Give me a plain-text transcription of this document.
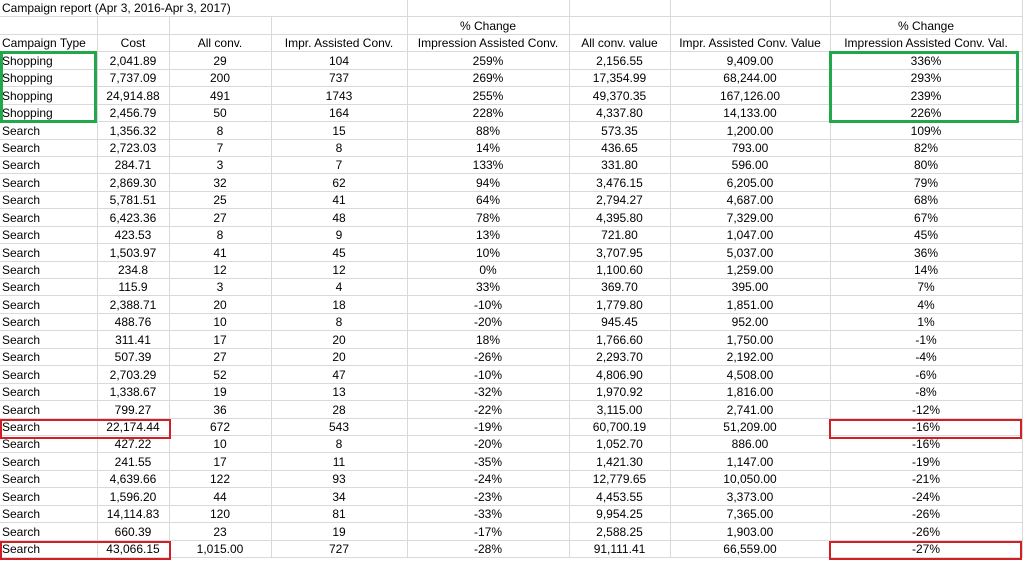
Campaign report (Apr 3, 2016-Apr 3, 2017)							
				% Change			% Change
Campaign Type	Cost	All conv.	Impr. Assisted Conv.	Impression Assisted Conv.	All conv. value	Impr. Assisted Conv. Value	Impression Assisted Conv. Val.
Shopping	2,041.89	29	104	259%	2,156.55	9,409.00	336%
Shopping	7,737.09	200	737	269%	17,354.99	68,244.00	293%
Shopping	24,914.88	491	1743	255%	49,370.35	167,126.00	239%
Shopping	2,456.79	50	164	228%	4,337.80	14,133.00	226%
Search	1,356.32	8	15	88%	573.35	1,200.00	109%
Search	2,723.03	7	8	14%	436.65	793.00	82%
Search	284.71	3	7	133%	331.80	596.00	80%
Search	2,869.30	32	62	94%	3,476.15	6,205.00	79%
Search	5,781.51	25	41	64%	2,794.27	4,687.00	68%
Search	6,423.36	27	48	78%	4,395.80	7,329.00	67%
Search	423.53	8	9	13%	721.80	1,047.00	45%
Search	1,503.97	41	45	10%	3,707.95	5,037.00	36%
Search	234.8	12	12	0%	1,100.60	1,259.00	14%
Search	115.9	3	4	33%	369.70	395.00	7%
Search	2,388.71	20	18	-10%	1,779.80	1,851.00	4%
Search	488.76	10	8	-20%	945.45	952.00	1%
Search	311.41	17	20	18%	1,766.60	1,750.00	-1%
Search	507.39	27	20	-26%	2,293.70	2,192.00	-4%
Search	2,703.29	52	47	-10%	4,806.90	4,508.00	-6%
Search	1,338.67	19	13	-32%	1,970.92	1,816.00	-8%
Search	799.27	36	28	-22%	3,115.00	2,741.00	-12%
Search	22,174.44	672	543	-19%	60,700.19	51,209.00	-16%
Search	427.22	10	8	-20%	1,052.70	886.00	-16%
Search	241.55	17	11	-35%	1,421.30	1,147.00	-19%
Search	4,639.66	122	93	-24%	12,779.65	10,050.00	-21%
Search	1,596.20	44	34	-23%	4,453.55	3,373.00	-24%
Search	14,114.83	120	81	-33%	9,954.25	7,365.00	-26%
Search	660.39	23	19	-17%	2,588.25	1,903.00	-26%
Search	43,066.15	1,015.00	727	-28%	91,111.41	66,559.00	-27%
